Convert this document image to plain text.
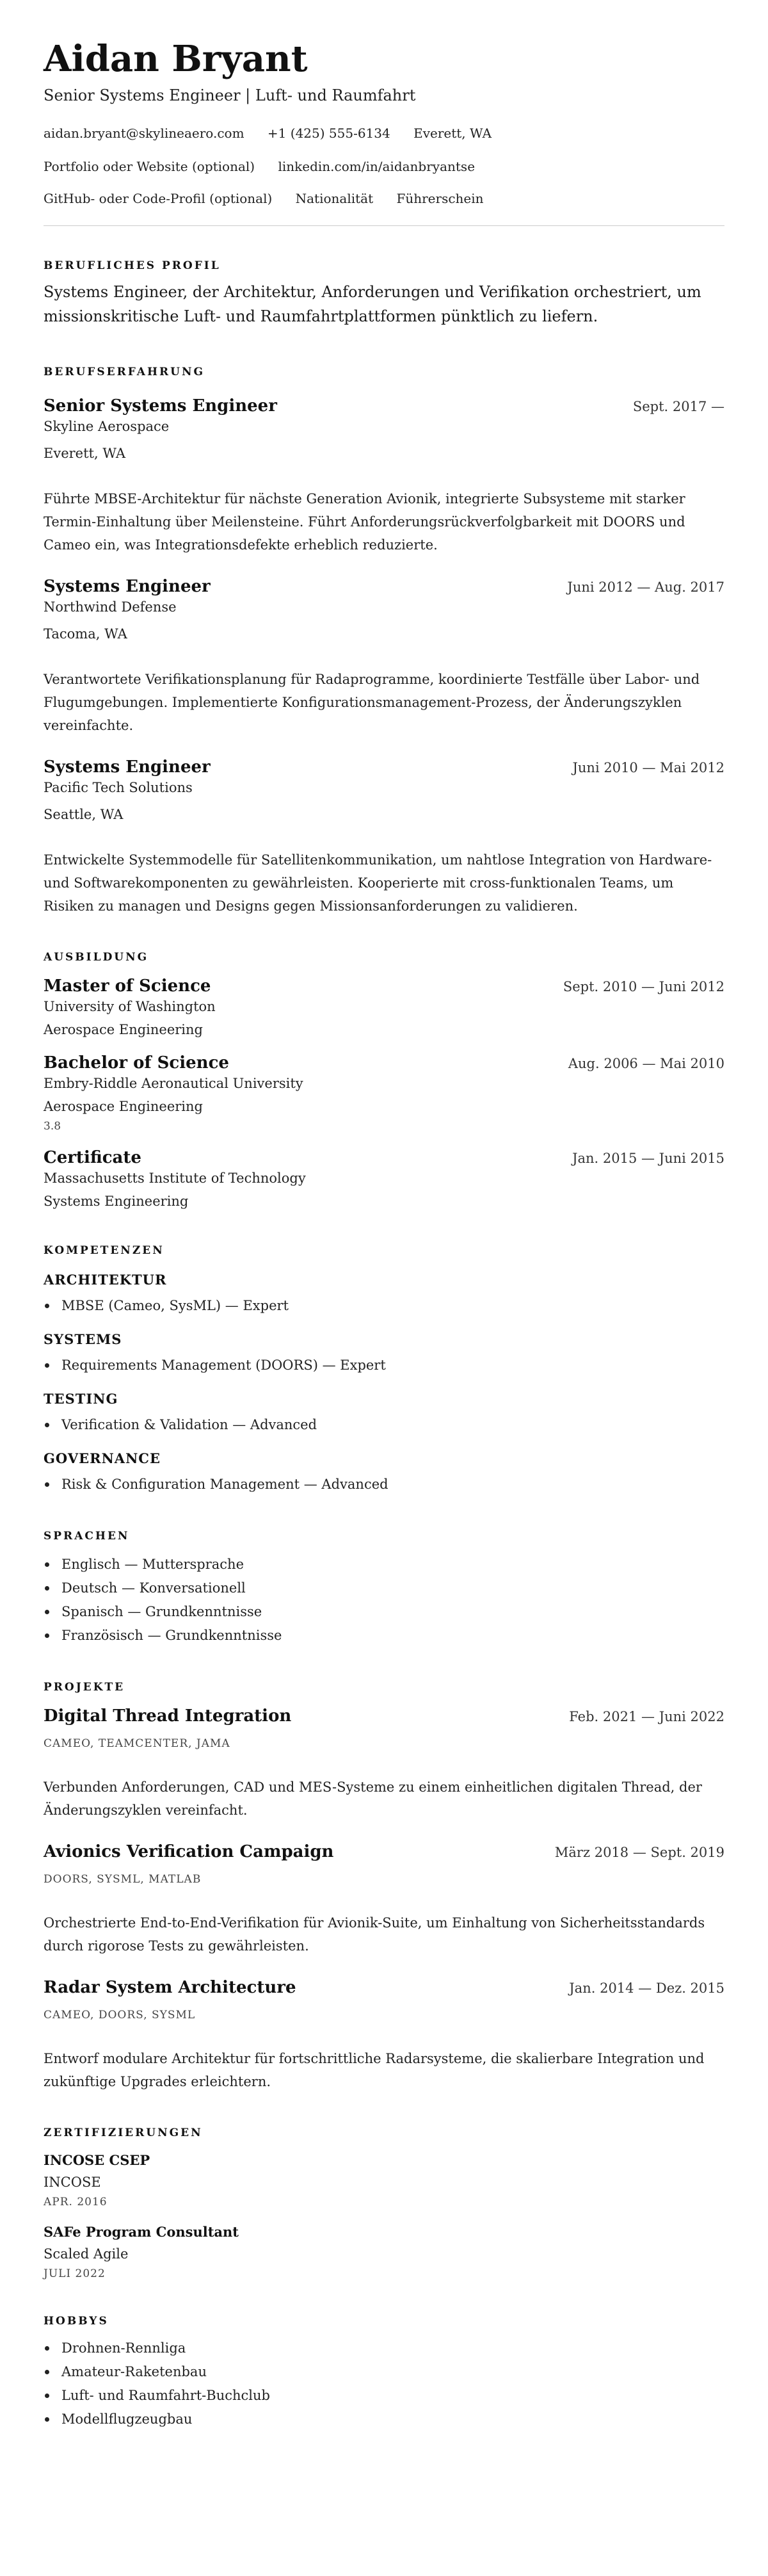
Aidan Bryant
Senior Systems Engineer | Luft- und Raumfahrt
aidan.bryant@skylineaero.com +1 (425) 555-6134 Everett, WA
Portfolio oder Website (optional) linkedin.com/in/aidanbryantse
GitHub- oder Code-Profil (optional) Nationalität Führerschein
BERUFLICHES PROFIL

Systems Engineer, der Architektur, Anforderungen und Verifikation orchestriert, um missionskritische Luft- und Raumfahrtplattformen pünktlich zu liefern.

BERUFSERFAHRUNG
Senior Systems Engineer	Sept. 2017 —
Skyline Aerospace
Everett, WA

Führte MBSE-Architektur für nächste Generation Avionik, integrierte Subsysteme mit starker Termin-Einhaltung über Meilensteine. Führt Anforderungsrückverfolgbarkeit mit DOORS und Cameo ein, was Integrationsdefekte erheblich reduzierte.

Systems Engineer	Juni 2012 — Aug. 2017
Northwind Defense
Tacoma, WA

Verantwortete Verifikationsplanung für Radaprogramme, koordinierte Testfälle über Labor- und Flugumgebungen. Implementierte Konfigurationsmanagement-Prozess, der Änderungszyklen vereinfachte.

Systems Engineer	Juni 2010 — Mai 2012
Pacific Tech Solutions
Seattle, WA

Entwickelte Systemmodelle für Satellitenkommunikation, um nahtlose Integration von Hardware- und Softwarekomponenten zu gewährleisten. Kooperierte mit cross-funktionalen Teams, um Risiken zu managen und Designs gegen Missionsanforderungen zu validieren.

AUSBILDUNG
Master of Science	Sept. 2010 — Juni 2012
University of Washington
Aerospace Engineering
Bachelor of Science	Aug. 2006 — Mai 2010
Embry-Riddle Aeronautical University
Aerospace Engineering
3.8
Certificate	Jan. 2015 — Juni 2015
Massachusetts Institute of Technology
Systems Engineering
KOMPETENZEN
ARCHITEKTUR
MBSE (Cameo, SysML) — Expert
SYSTEMS
Requirements Management (DOORS) — Expert
TESTING
Verification & Validation — Advanced
GOVERNANCE
Risk & Configuration Management — Advanced
SPRACHEN
Englisch — Muttersprache
Deutsch — Konversationell
Spanisch — Grundkenntnisse
Französisch — Grundkenntnisse
PROJEKTE
Digital Thread Integration	Feb. 2021 — Juni 2022
CAMEO, TEAMCENTER, JAMA

Verbunden Anforderungen, CAD und MES-Systeme zu einem einheitlichen digitalen Thread, der Änderungszyklen vereinfacht.

Avionics Verification Campaign	März 2018 — Sept. 2019
DOORS, SYSML, MATLAB

Orchestrierte End-to-End-Verifikation für Avionik-Suite, um Einhaltung von Sicherheitsstandards durch rigorose Tests zu gewährleisten.

Radar System Architecture	Jan. 2014 — Dez. 2015
CAMEO, DOORS, SYSML

Entworf modulare Architektur für fortschrittliche Radarsysteme, die skalierbare Integration und zukünftige Upgrades erleichtern.

ZERTIFIZIERUNGEN
INCOSE CSEP
INCOSE
APR. 2016
SAFe Program Consultant
Scaled Agile
JULI 2022
HOBBYS
Drohnen-Rennliga
Amateur-Raketenbau
Luft- und Raumfahrt-Buchclub
Modellflugzeugbau
